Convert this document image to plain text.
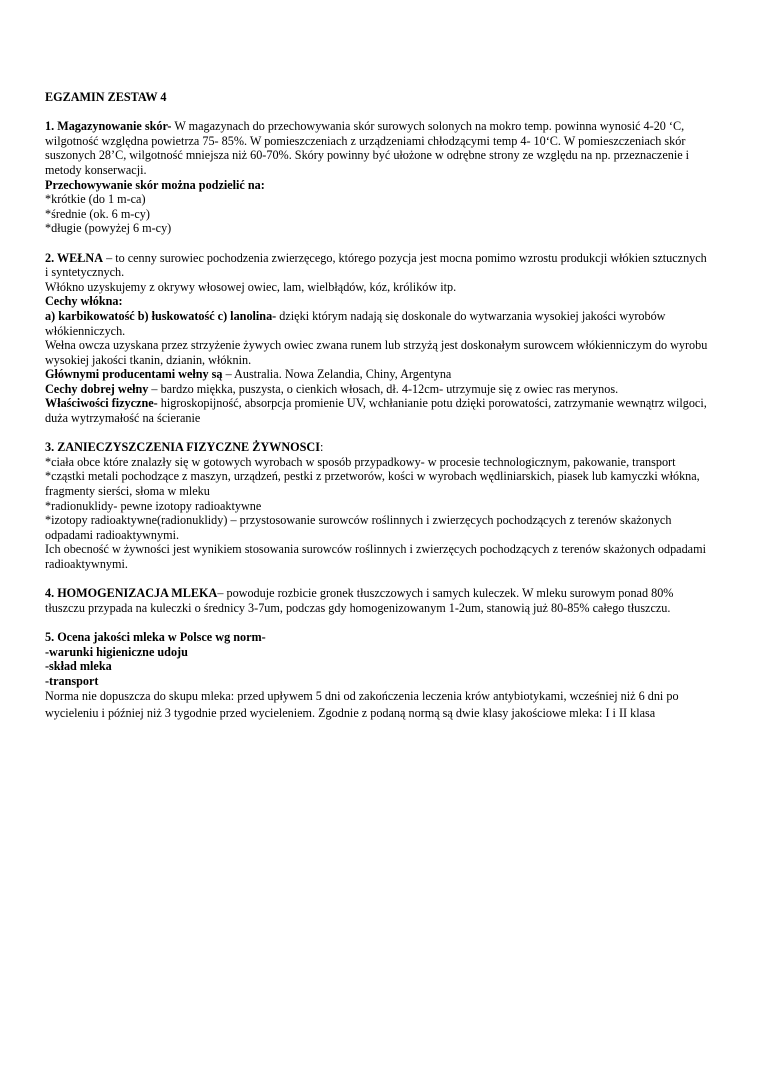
EGZAMIN ZESTAW 4

1. Magazynowanie skór- W magazynach do przechowywania skór surowych solonych na mokro temp. powinna wynosić 4-20 ‘C, wilgotność względna powietrza 75- 85%. W pomieszczeniach z urządzeniami chłodzącymi temp 4- 10‘C. W pomieszczeniach skór suszonych 28’C, wilgotność mniejsza niż 60-70%. Skóry powinny być ułożone w odrębne strony ze względu na np. przeznaczenie i metody konserwacji.

Przechowywanie skór można podzielić na:

*krótkie (do 1 m-ca)

*średnie (ok. 6 m-cy)

*długie (powyżej 6 m-cy)

2. WEŁNA – to cenny surowiec pochodzenia zwierzęcego, którego pozycja jest mocna pomimo wzrostu produkcji włókien sztucznych i syntetycznych.

Włókno uzyskujemy z okrywy włosowej owiec, lam, wielbłądów, kóz, królików itp.

Cechy włókna:

a) karbikowatość b) łuskowatość c) lanolina- dzięki którym nadają się doskonale do wytwarzania wysokiej jakości wyrobów włókienniczych.

Wełna owcza uzyskana przez strzyżenie żywych owiec zwana runem lub strzyżą jest doskonałym surowcem włókienniczym do wyrobu wysokiej jakości tkanin, dzianin, włóknin.

Głównymi producentami wełny są – Australia. Nowa Zelandia, Chiny, Argentyna

Cechy dobrej wełny – bardzo miękka, puszysta, o cienkich włosach, dł. 4-12cm- utrzymuje się z owiec ras merynos.

Właściwości fizyczne- higroskopijność, absorpcja promienie UV, wchłanianie potu dzięki porowatości, zatrzymanie wewnątrz wilgoci, duża wytrzymałość na ścieranie

3. ZANIECZYSZCZENIA FIZYCZNE ŻYWNOSCI:

*ciała obce które znalazły się w gotowych wyrobach w sposób przypadkowy- w procesie technologicznym, pakowanie, transport

*cząstki metali pochodzące z maszyn, urządzeń, pestki z przetworów, kości w wyrobach wędliniarskich, piasek lub kamyczki włókna, fragmenty sierści, słoma w mleku

*radionuklidy- pewne izotopy radioaktywne

*izotopy radioaktywne(radionuklidy) – przystosowanie surowców roślinnych i zwierzęcych pochodzących z terenów skażonych odpadami radioaktywnymi.

Ich obecność w żywności jest wynikiem stosowania surowców roślinnych i zwierzęcych pochodzących z terenów skażonych odpadami radioaktywnymi.

4. HOMOGENIZACJA MLEKA– powoduje rozbicie gronek tłuszczowych i samych kuleczek. W mleku surowym ponad 80% tłuszczu przypada na kuleczki o średnicy 3-7um, podczas gdy homogenizowanym 1-2um, stanowią już 80-85% całego tłuszczu.

5. Ocena jakości mleka w Polsce wg norm-

-warunki higieniczne udoju

-skład mleka

-transport

Norma nie dopuszcza do skupu mleka: przed upływem 5 dni od zakończenia leczenia krów antybiotykami, wcześniej niż 6 dni po wycieleniu i później niż 3 tygodnie przed wycieleniem. Zgodnie z podaną normą są dwie klasy jakościowe mleka: I i II klasa
